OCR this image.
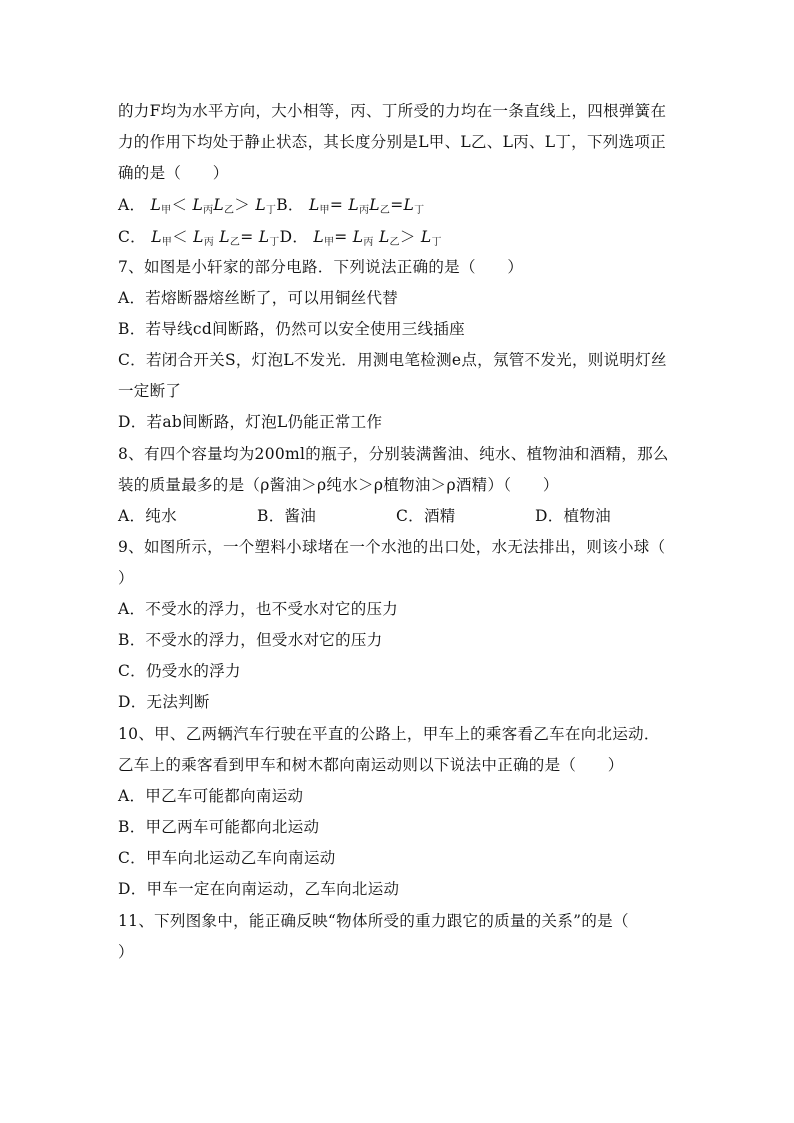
的力F均为水平方向，大小相等，丙、丁所受的力均在一条直线上，四根弹簧在
力的作用下均处于静止状态，其长度分别是L甲、L乙、L丙、L丁，下列选项正
确的是（　　）
A． $L_甲< L_丙L_乙> L_丁B$． $L_甲= L_丙L_乙=L_丁$
C． $L_甲< L_丙$ $L_乙= L_丁D$． $L_甲= L_丙$ $L_乙> L_丁$
7、如图是小轩家的部分电路．下列说法正确的是（　　）
A．若熔断器熔丝断了，可以用铜丝代替
B．若导线cd间断路，仍然可以安全使用三线插座
C．若闭合开关S，灯泡L不发光．用测电笔检测e点，氖管不发光，则说明灯丝
一定断了
D．若ab间断路，灯泡L仍能正常工作
8、有四个容量均为200ml的瓶子，分别装满酱油、纯水、植物油和酒精，那么
装的质量最多的是（ρ酱油＞ρ纯水＞ρ植物油＞ρ酒精）（　　）
A．纯水	B．酱油	C．酒精	D．植物油
9、如图所示，一个塑料小球堵在一个水池的出口处，水无法排出，则该小球（
）
A．不受水的浮力，也不受水对它的压力
B．不受水的浮力，但受水对它的压力
C．仍受水的浮力
D．无法判断
10、甲、乙两辆汽车行驶在平直的公路上，甲车上的乘客看乙车在向北运动．
乙车上的乘客看到甲车和树木都向南运动则以下说法中正确的是（　　）
A．甲乙车可能都向南运动
B．甲乙两车可能都向北运动
C．甲车向北运动乙车向南运动
D．甲车一定在向南运动，乙车向北运动
11、下列图象中，能正确反映“物体所受的重力跟它的质量的关系”的是（
）
